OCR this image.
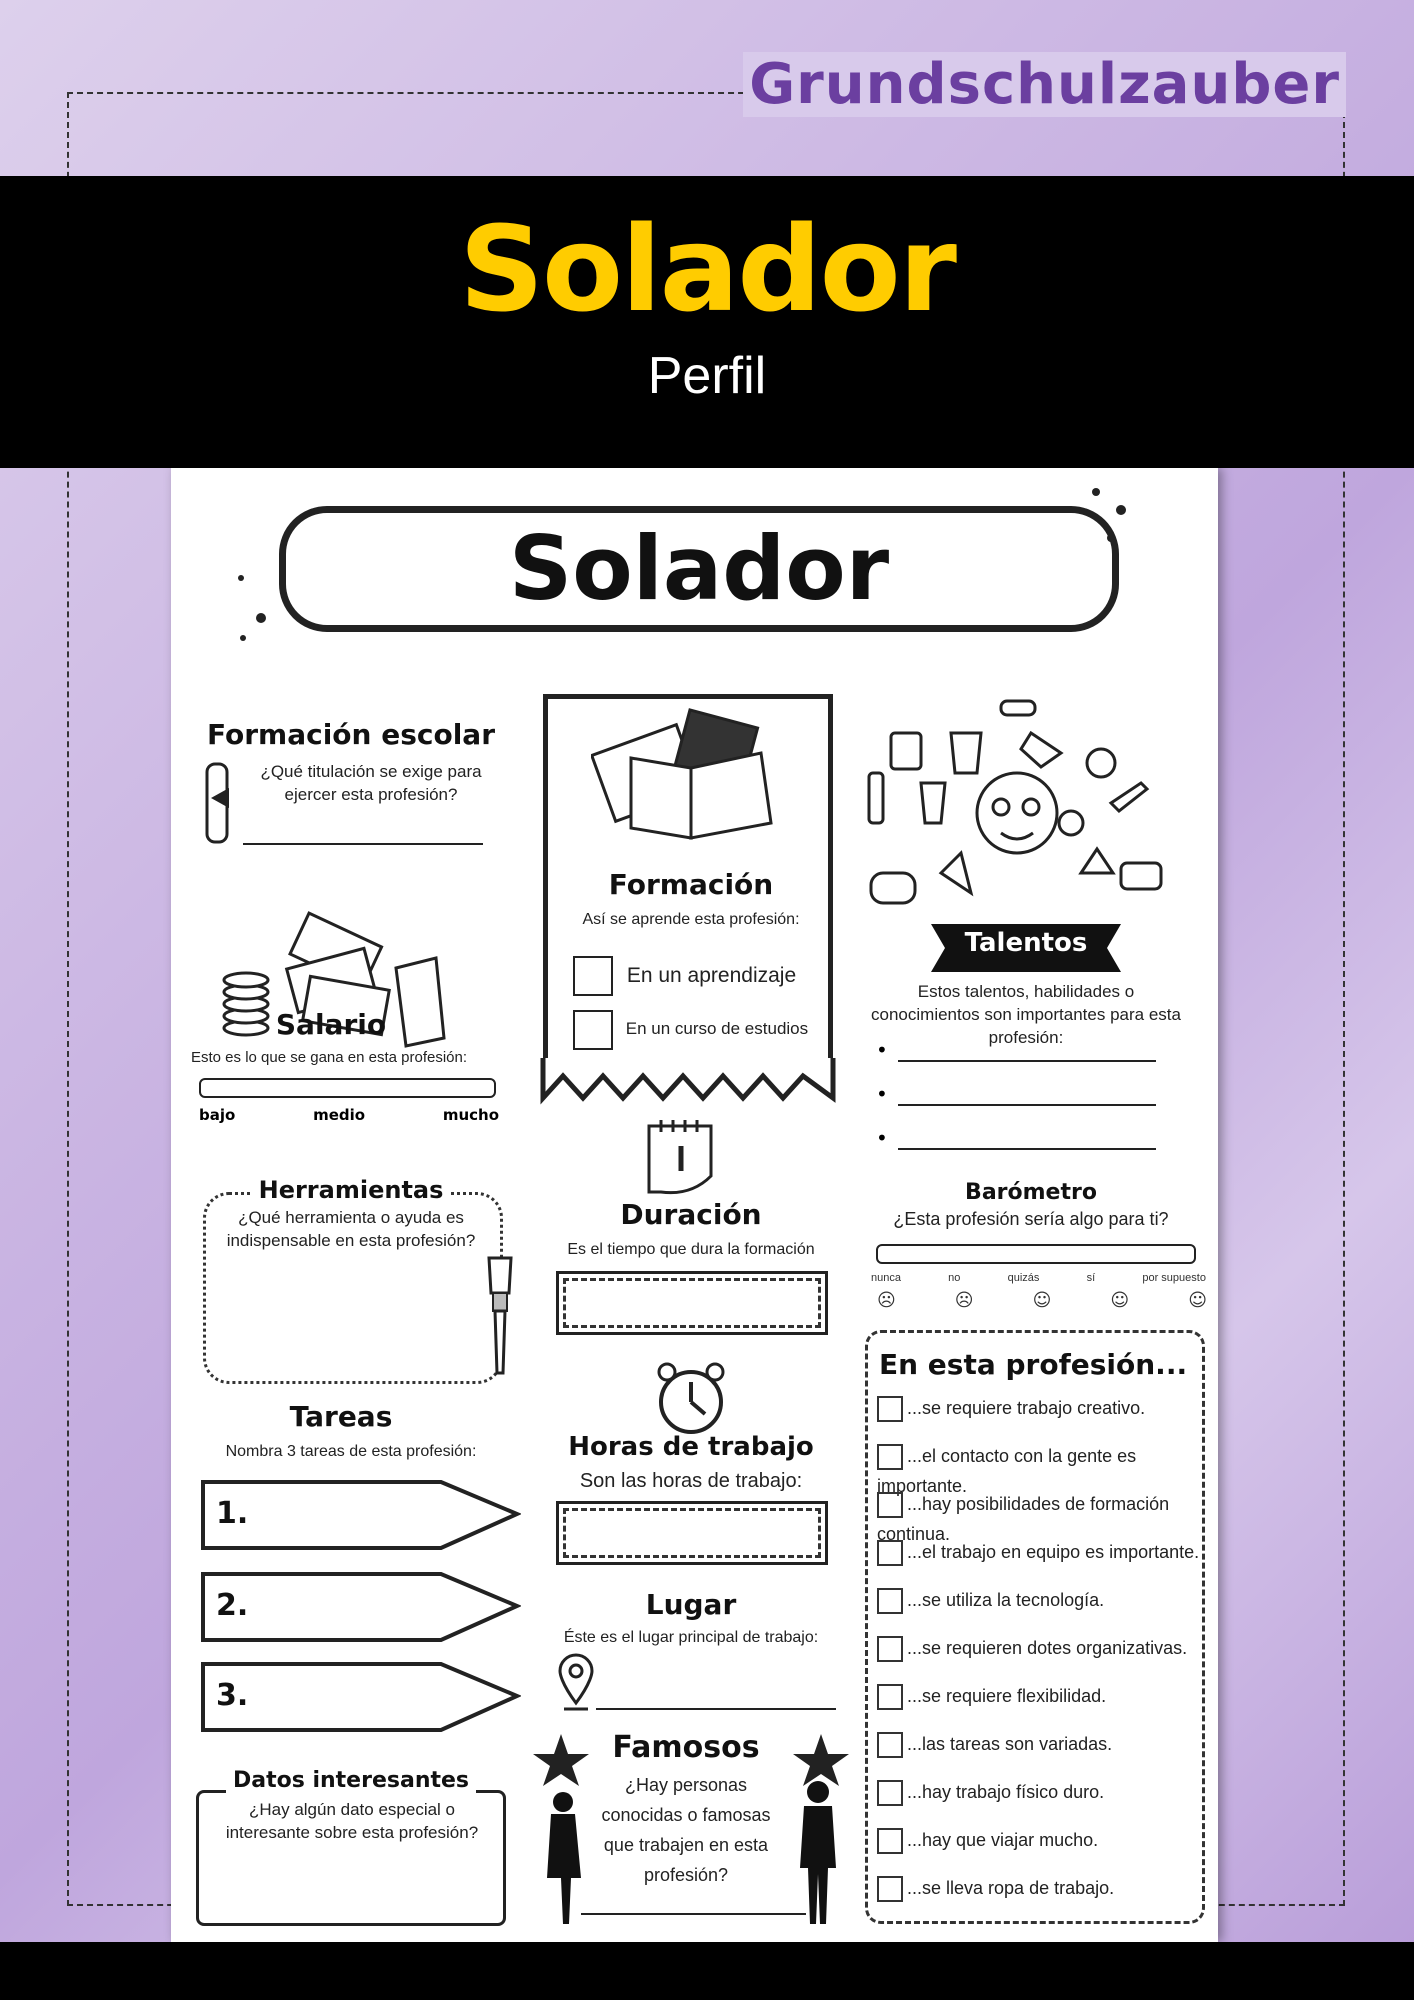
Grundschulzauber
Solador
Perfil
Solador
Formación escolar
¿Qué titulación se exige para ejercer esta profesión?
Salario
Esto es lo que se gana en esta profesión:
bajo	medio	mucho
Herramientas
¿Qué herramienta o ayuda es indispensable en esta profesión?
Tareas
Nombra 3 tareas de esta profesión:
1.
2.
3.
Datos interesantes
¿Hay algún dato especial o interesante sobre esta profesión?
Formación
Así se aprende esta profesión:
En un aprendizaje
En un curso de estudios
Duración
Es el tiempo que dura la formación
Horas de trabajo
Son las horas de trabajo:
Lugar
Éste es el lugar principal de trabajo:
Famosos
¿Hay personas conocidas o famosas que trabajen en esta profesión?
Talentos
Estos talentos, habilidades o conocimientos son importantes para esta profesión:
•
•
•
Barómetro
¿Esta profesión sería algo para ti?
nunca	no	quizás	sí	por supuesto
☹	☹	☺	☺	☺
En esta profesión...
...se requiere trabajo creativo.
...el contacto con la gente es importante.
...hay posibilidades de formación continua.
...el trabajo en equipo es importante.
...se utiliza la tecnología.
...se requieren dotes organizativas.
...se requiere flexibilidad.
...las tareas son variadas.
...hay trabajo físico duro.
...hay que viajar mucho.
...se lleva ropa de trabajo.
